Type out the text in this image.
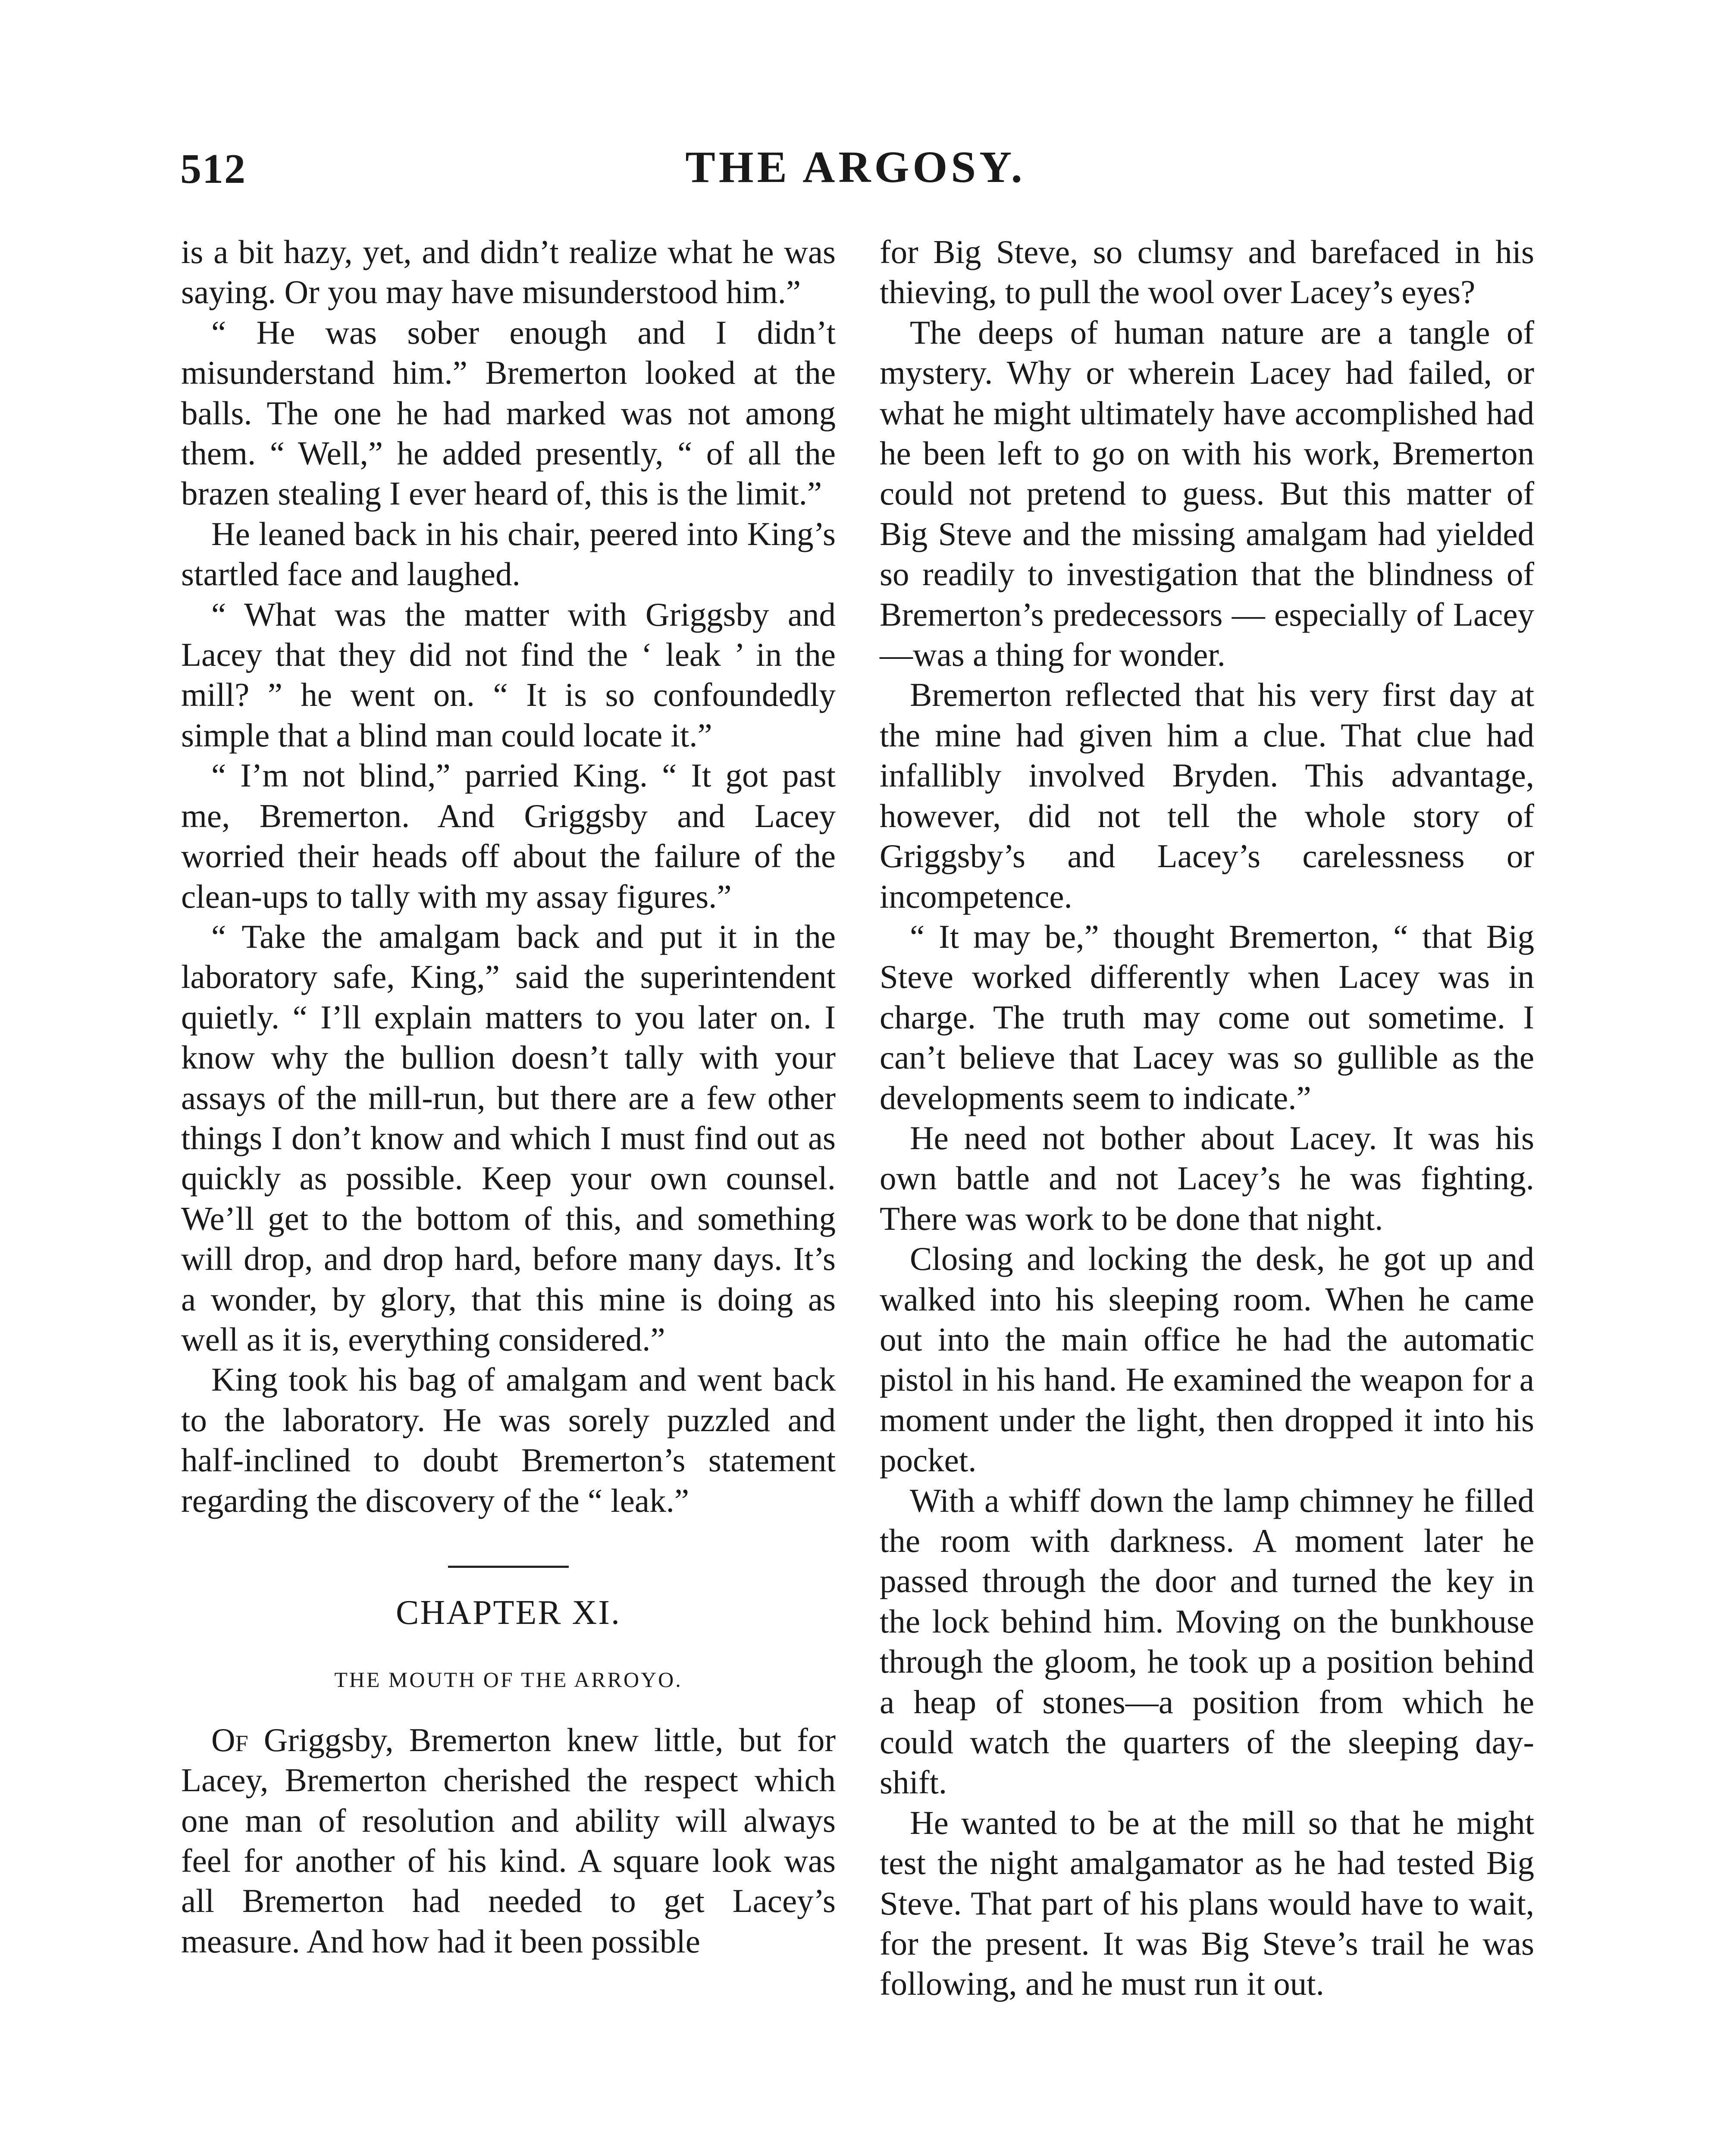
512	THE ARGOSY.

is a bit hazy, yet, and didn’t realize what he was saying. Or you may have misunderstood him.”

“ He was sober enough and I didn’t misunderstand him.” Bremerton looked at the balls. The one he had marked was not among them. “ Well,” he added presently, “ of all the brazen stealing I ever heard of, this is the limit.”

He leaned back in his chair, peered into King’s startled face and laughed.

“ What was the matter with Griggsby and Lacey that they did not find the ‘ leak ’ in the mill? ” he went on. “ It is so confoundedly simple that a blind man could locate it.”

“ I’m not blind,” parried King. “ It got past me, Bremerton. And Griggsby and Lacey worried their heads off about the failure of the clean-ups to tally with my assay figures.”

“ Take the amalgam back and put it in the laboratory safe, King,” said the superintendent quietly. “ I’ll explain matters to you later on. I know why the bullion doesn’t tally with your assays of the mill-run, but there are a few other things I don’t know and which I must find out as quickly as possible. Keep your own counsel. We’ll get to the bottom of this, and something will drop, and drop hard, before many days. It’s a wonder, by glory, that this mine is doing as well as it is, everything considered.”

King took his bag of amalgam and went back to the laboratory. He was sorely puzzled and half-inclined to doubt Bremerton’s statement regarding the discovery of the “ leak.”

CHAPTER XI.
THE MOUTH OF THE ARROYO.

Of Griggsby, Bremerton knew little, but for Lacey, Bremerton cherished the respect which one man of resolution and ability will always feel for another of his kind. A square look was all Bremerton had needed to get Lacey’s measure. And how had it been possible

for Big Steve, so clumsy and barefaced in his thieving, to pull the wool over Lacey’s eyes?

The deeps of human nature are a tangle of mystery. Why or wherein Lacey had failed, or what he might ultimately have accomplished had he been left to go on with his work, Bremerton could not pretend to guess. But this matter of Big Steve and the missing amalgam had yielded so readily to investigation that the blindness of Bremerton’s predecessors — especially of Lacey—was a thing for wonder.

Bremerton reflected that his very first day at the mine had given him a clue. That clue had infallibly involved Bryden. This advantage, however, did not tell the whole story of Griggsby’s and Lacey’s carelessness or incompetence.

“ It may be,” thought Bremerton, “ that Big Steve worked differently when Lacey was in charge. The truth may come out sometime. I can’t believe that Lacey was so gullible as the developments seem to indicate.”

He need not bother about Lacey. It was his own battle and not Lacey’s he was fighting. There was work to be done that night.

Closing and locking the desk, he got up and walked into his sleeping room. When he came out into the main office he had the automatic pistol in his hand. He examined the weapon for a moment under the light, then dropped it into his pocket.

With a whiff down the lamp chimney he filled the room with darkness. A moment later he passed through the door and turned the key in the lock behind him. Moving on the bunkhouse through the gloom, he took up a position behind a heap of stones—a position from which he could watch the quarters of the sleeping day-shift.

He wanted to be at the mill so that he might test the night amalgamator as he had tested Big Steve. That part of his plans would have to wait, for the present. It was Big Steve’s trail he was following, and he must run it out.
